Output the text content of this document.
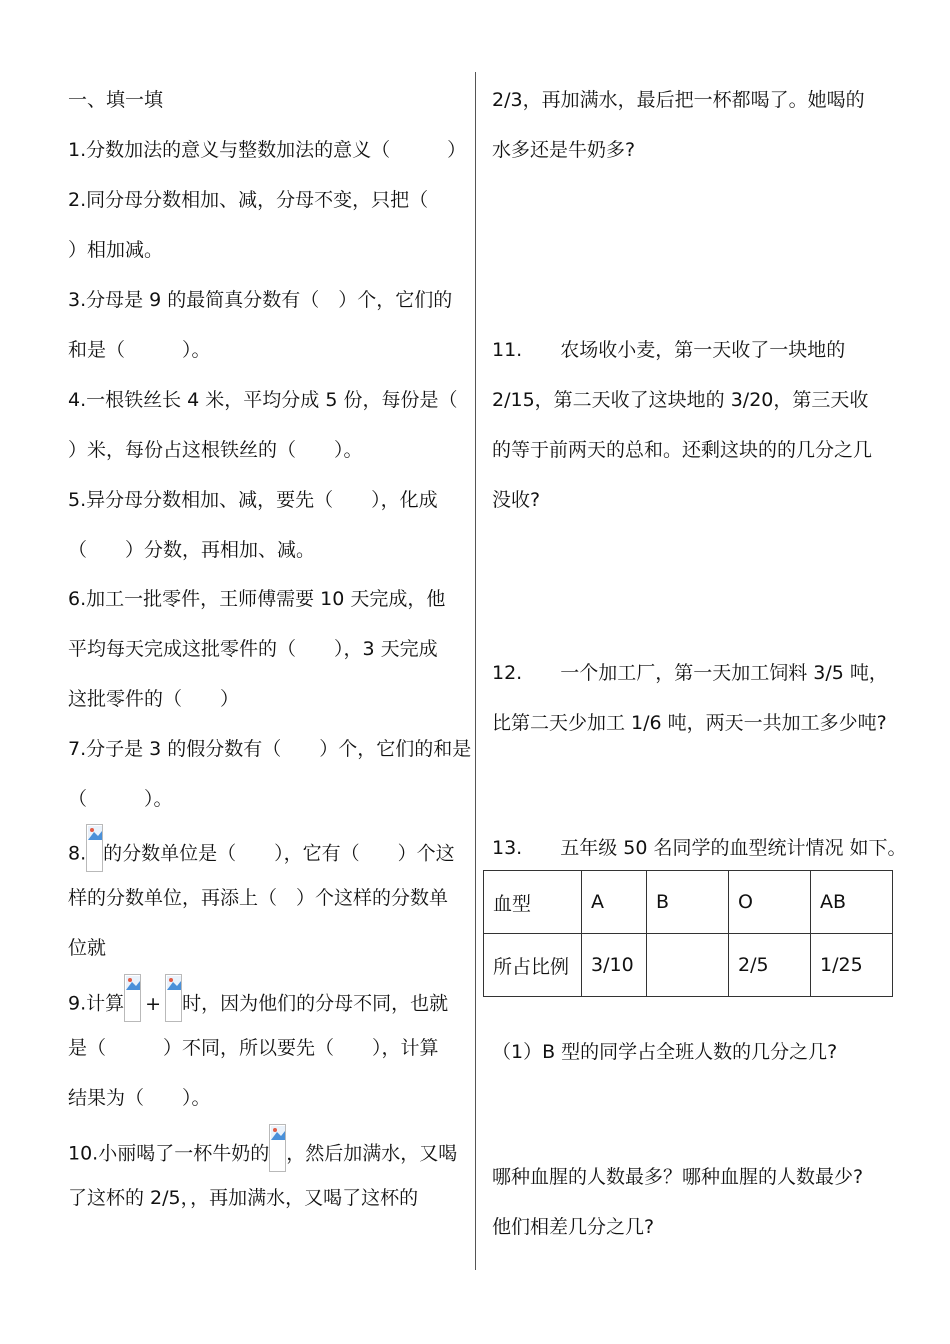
一、填一填
1.分数加法的意义与整数加法的意义（　　　）
2.同分母分数相加、减，分母不变，只把（
）相加减。
3.分母是 9 的最简真分数有（　）个，它们的
和是（　　　）。
4.一根铁丝长 4 米，平均分成 5 份，每份是（
）米，每份占这根铁丝的（　　）。
5.异分母分数相加、减，要先（　　），化成
（　　）分数，再相加、减。
6.加工一批零件，王师傅需要 10 天完成，他
平均每天完成这批零件的（　　），3 天完成
这批零件的（　　）
7.分子是 3 的假分数有（　　）个，它们的和是
（　　　）。
8. 的分数单位是（　　），它有（　　）个这
样的分数单位，再添上（　）个这样的分数单
位就
9.计算 + 时，因为他们的分母不同，也就
是（　　　）不同，所以要先（　　），计算
结果为（　　）。
10.小丽喝了一杯牛奶的 ，然后加满水，又喝
了这杯的 2/5，，再加满水，又喝了这杯的
2/3，再加满水，最后把一杯都喝了。她喝的
水多还是牛奶多?
11.　　农场收小麦，第一天收了一块地的
2/15，第二天收了这块地的 3/20，第三天收
的等于前两天的总和。还剩这块的的几分之几
没收?
12.　　一个加工厂，第一天加工饲料 3/5 吨，
比第二天少加工 1/6 吨，两天一共加工多少吨?
13.　　五年级 50 名同学的血型统计情况 如下。
血型	A	B	O	AB
所占比例	3/10		2/5	1/25
（1）B 型的同学占全班人数的几分之几?
哪种血腥的人数最多？哪种血腥的人数最少?
他们相差几分之几?
